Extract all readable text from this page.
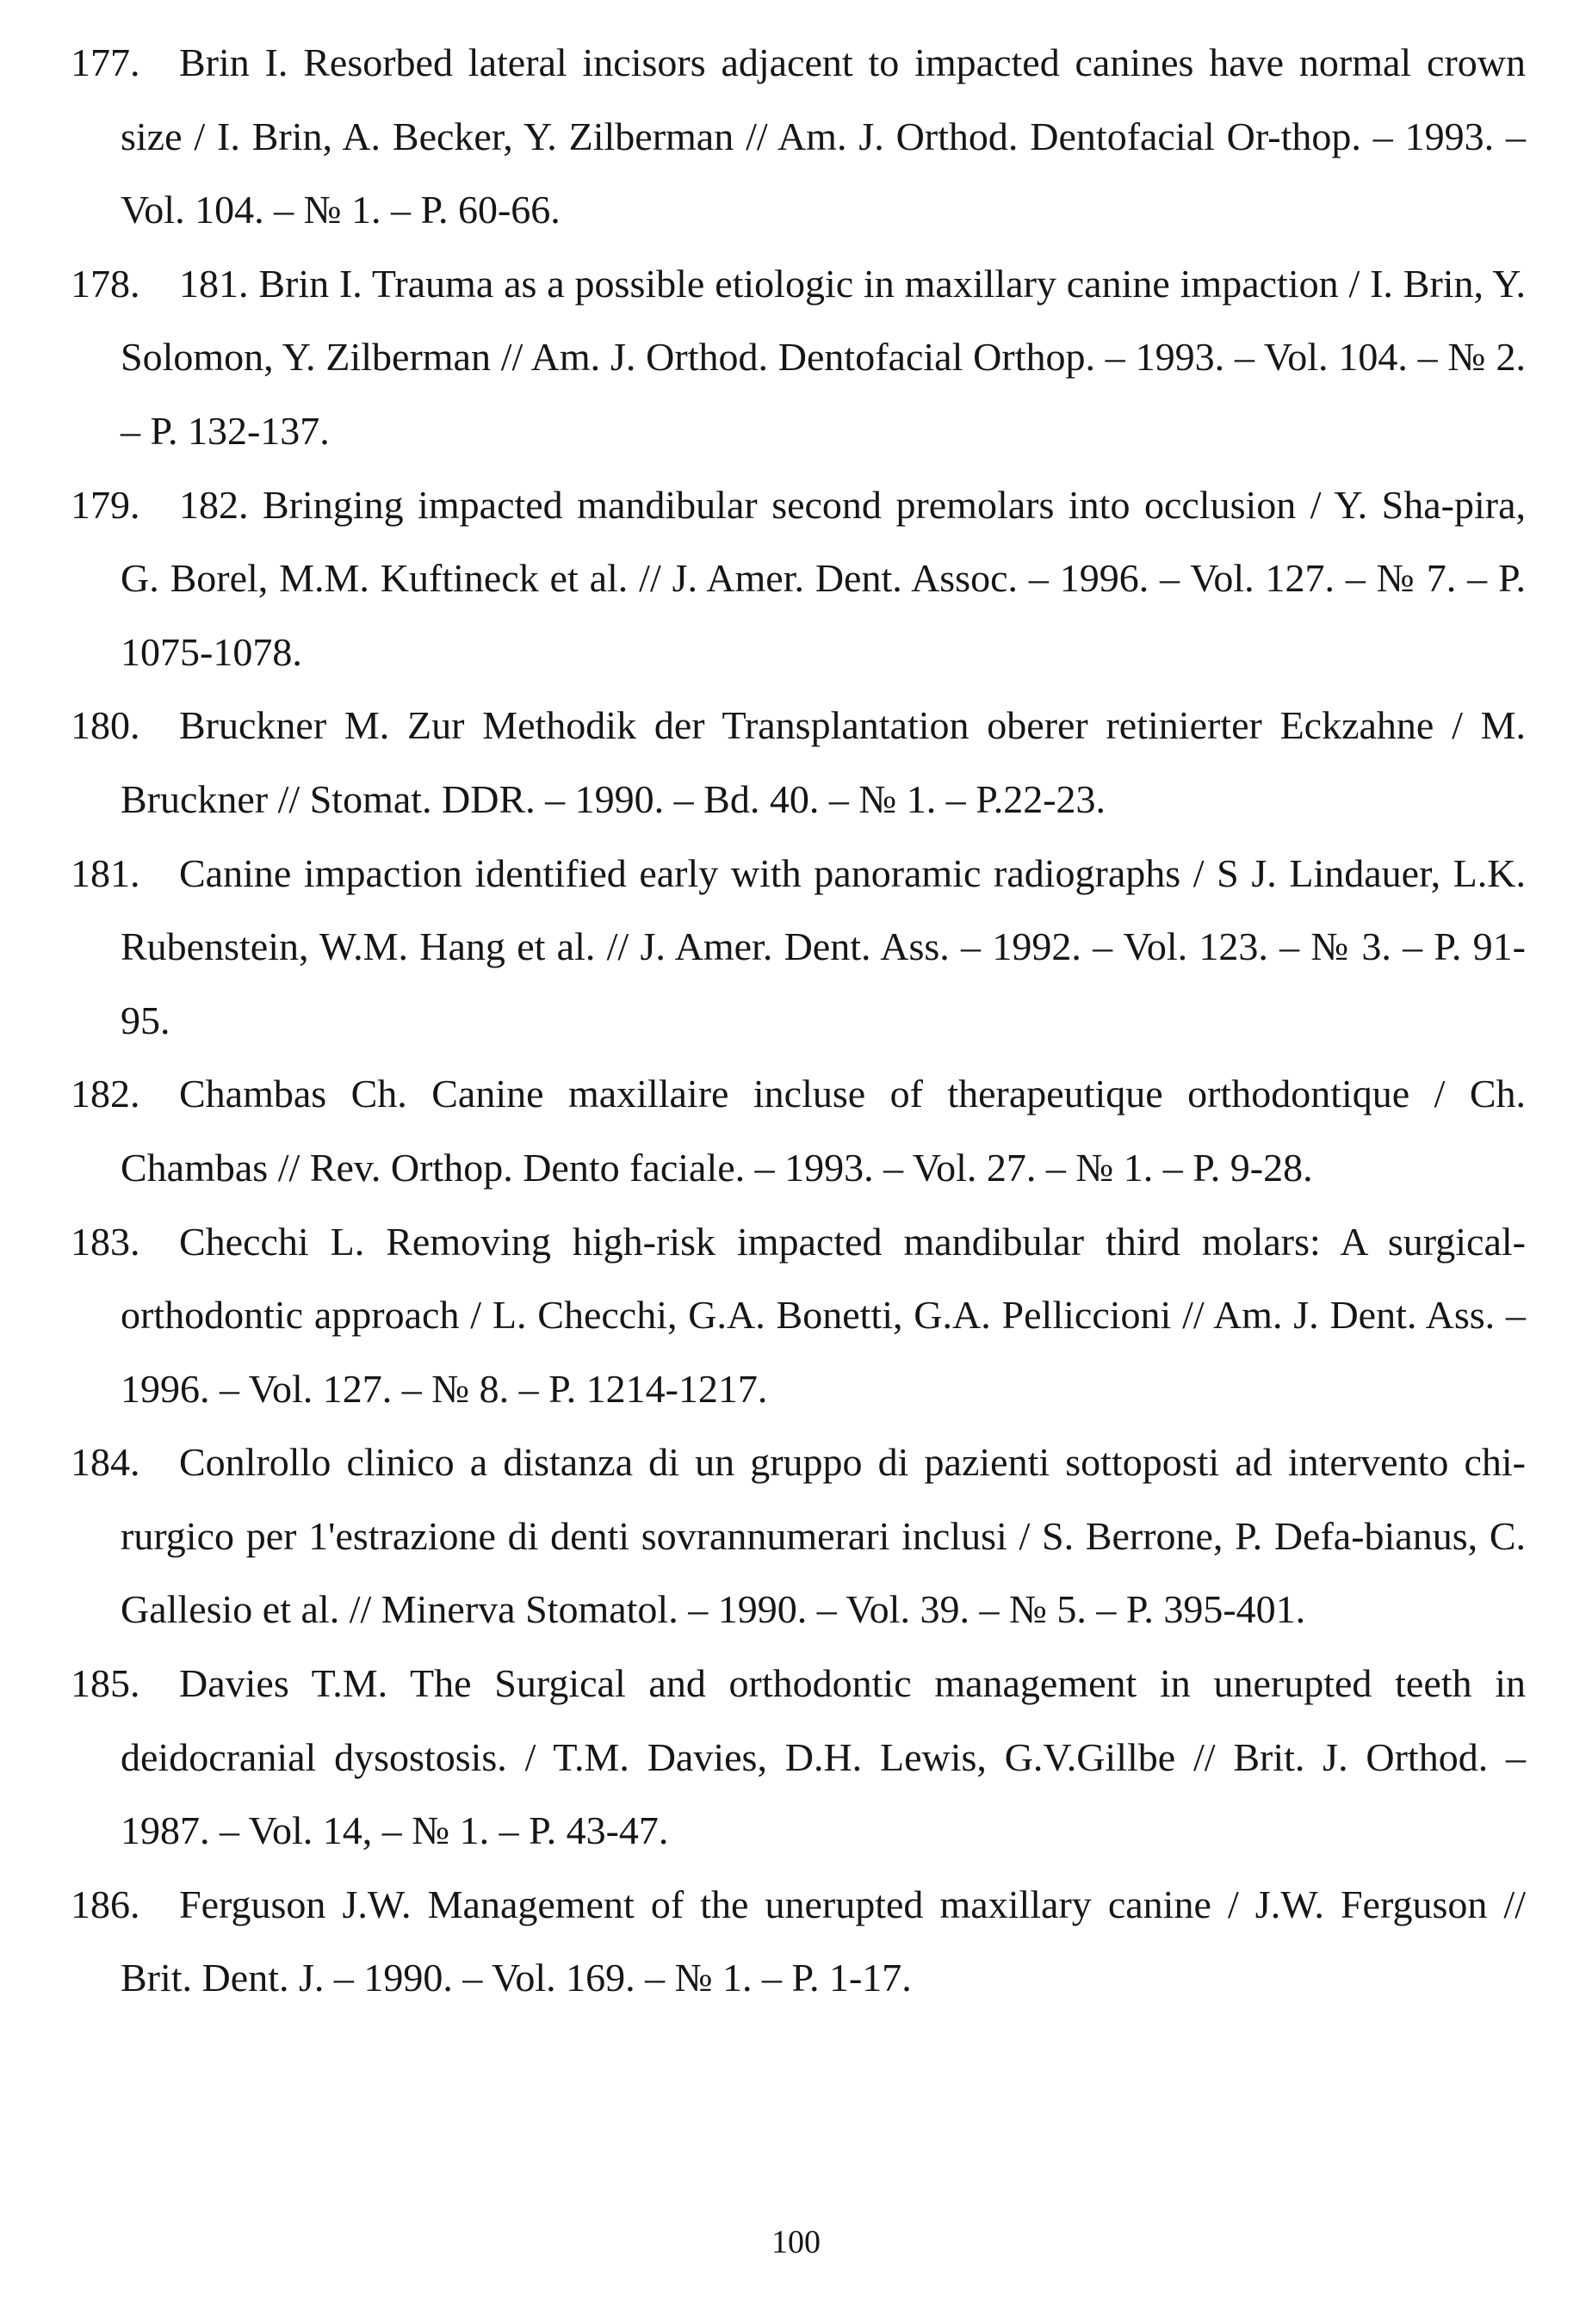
177. Brin I. Resorbed lateral incisors adjacent to impacted canines have normal crown size / I. Brin, A. Becker, Y. Zilberman // Am. J. Orthod. Dentofacial Or-thop. – 1993. – Vol. 104. – № 1. – P. 60-66.
178. 181. Brin I. Trauma as a possible etiologic in maxillary canine impaction / I. Brin, Y. Solomon, Y. Zilberman // Am. J. Orthod. Dentofacial Orthop. – 1993. – Vol. 104. – № 2. – P. 132-137.
179. 182. Bringing impacted mandibular second premolars into occlusion / Y. Sha-pira, G. Borel, M.M. Kuftineck et al. // J. Amer. Dent. Assoc. – 1996. – Vol. 127. – № 7. – P. 1075-1078.
180. Bruckner M. Zur Methodik der Transplantation oberer retinierter Eckzahne / M. Bruckner // Stomat. DDR. – 1990. – Bd. 40. – № 1. – P.22-23.
181. Canine impaction identified early with panoramic radiographs / S J. Lindauer, L.K. Rubenstein, W.M. Hang et al. // J. Amer. Dent. Ass. – 1992. – Vol. 123. – № 3. – P. 91-95.
182. Chambas Ch. Canine maxillaire incluse of therapeutique orthodontique / Ch. Chambas // Rev. Orthop. Dento faciale. – 1993. – Vol. 27. – № 1. – P. 9-28.
183. Checchi L. Removing high-risk impacted mandibular third molars: A surgical-orthodontic approach / L. Checchi, G.A. Bonetti, G.A. Pelliccioni // Am. J. Dent. Ass. – 1996. – Vol. 127. – № 8. – P. 1214-1217.
184. Conlrollo clinico a distanza di un gruppo di pazienti sottoposti ad intervento chi-rurgico per 1'estrazione di denti sovrannumerari inclusi / S. Berrone, P. Defa-bianus, C. Gallesio et al. // Minerva Stomatol. – 1990. – Vol. 39. – № 5. – P. 395-401.
185. Davies T.M. The Surgical and orthodontic management in unerupted teeth in deidocranial dysostosis. / T.M. Davies, D.H. Lewis, G.V.Gillbe // Brit. J. Orthod. – 1987. – Vol. 14, – № 1. – P. 43-47.
186. Ferguson J.W. Management of the unerupted maxillary canine / J.W. Ferguson // Brit. Dent. J. – 1990. – Vol. 169. – № 1. – P. 1-17.
100
